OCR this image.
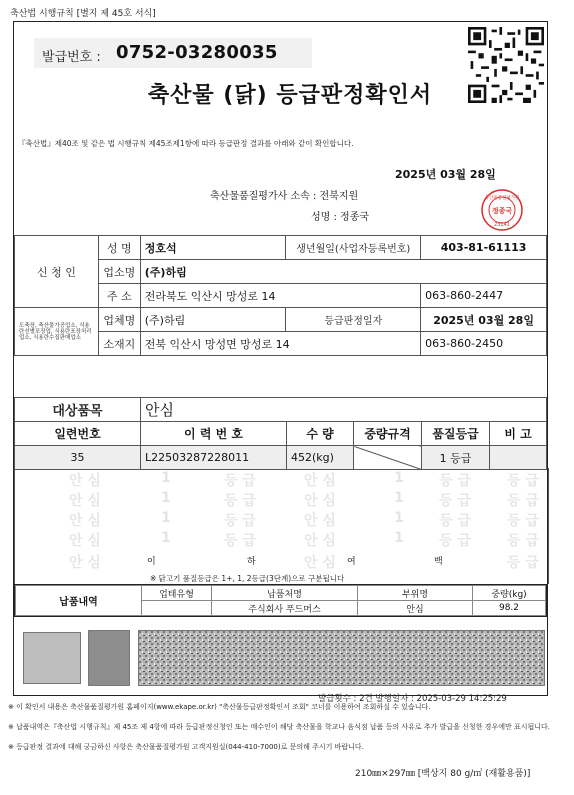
축산법 시행규칙 [별지 제 45호 서식]
발급번호 : 0752-03280035
축산물 (닭) 등급판정확인서
『축산법』제40조 및 같은 법 시행규칙 제45조제1항에 따라 등급판정 결과를 아래와 같이 확인합니다.
2025년 03월 28일
축산물품질평가사 소속 : 전북지원
성명 : 정종국
축산물품질평가원
정종국
23141
신 청 인	성 명	정호석	생년월일(사업자등록번호)	403-81-61113
	업소명	(주)하림		
	주 소	전라북도 익산시 망성로 14		063-860-2447
도축장, 축산물가공업소, 식용란선별포장업, 식용란포장처리업소, 식용란수집판매업소	업체명	(주)하림	등급판정일자	2025년 03월 28일
	소재지	전북 익산시 망성면 망성로 14		063-860-2450
대상품목	안심
일련번호	이 력 번 호	수 량	중량규격	품질등급	비 고
35	L22503287228011	452(kg)		1 등급	
안 심	1	등 급	안 심	1	등 급	등 급
안 심	1	등 급	안 심	1	등 급	등 급
안 심	1	등 급	안 심	1	등 급	등 급
안 심	1	등 급	안 심	1	등 급	등 급
안 심	이	하	안 심 여	백	등 급
※ 닭고기 품질등급은 1+, 1, 2등급(3단계)으로 구분됩니다
납품내역	업태유형	납품처명	부위명	중량(kg)
		주식회사 푸드머스	안심	98.2
발급횟수 : 2건 발행일자 : 2025-03-29 14:25:29
※ 이 확인서 내용은 축산물품질평가원 홈페이지(www.ekape.or.kr) "축산물등급판정확인서 조회" 코너를 이용하여 조회하실 수 있습니다.
※ 납품내역은『축산법 시행규칙』제 45조 제 4항에 따라 등급판정신청인 또는 매수인이 해당 축산물을 학교나 음식점 납품 등의 사유로 추가 발급을 신청한 경우에만 표시됩니다.
※ 등급판정 결과에 대해 궁금하신 사항은 축산물품질평가원 고객지원실(044-410-7000)로 문의해 주시기 바랍니다.
210㎜×297㎜ [백상지 80 g/㎡ (재활용품)]
